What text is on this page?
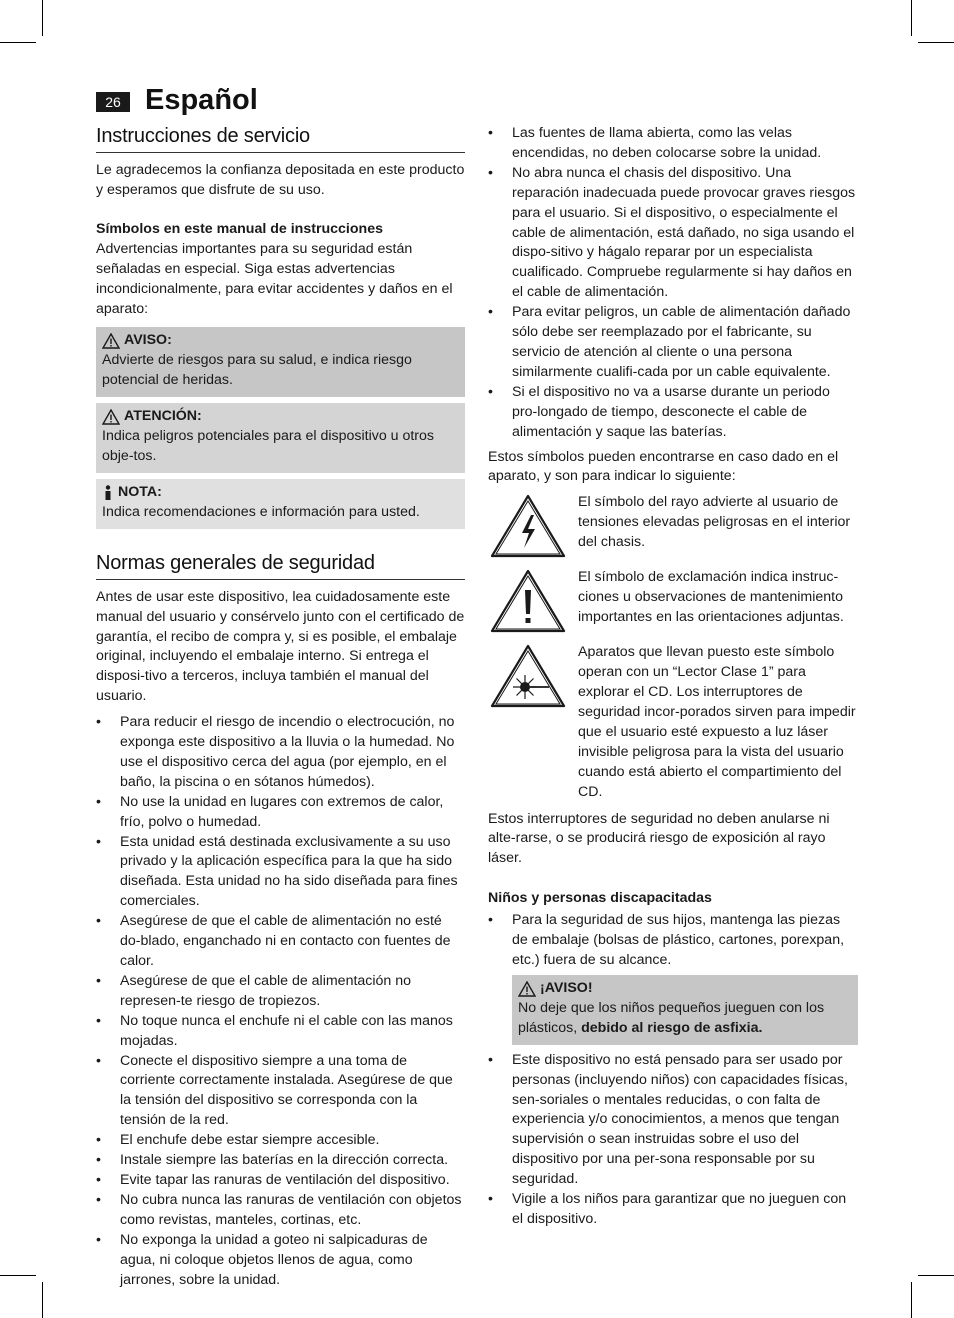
26 Español
Instrucciones de servicio

Le agradecemos la confianza depositada en este producto y esperamos que disfrute de su uso.

Símbolos en este manual de instrucciones

Advertencias importantes para su seguridad están señaladas en especial. Siga estas advertencias incondicionalmente, para evitar accidentes y daños en el aparato:

AVISO:
Advierte de riesgos para su salud, e indica riesgo potencial de heridas.
ATENCIÓN:
Indica peligros potenciales para el dispositivo u otros obje-tos.
NOTA:
Indica recomendaciones e información para usted.
Normas generales de seguridad

Antes de usar este dispositivo, lea cuidadosamente este manual del usuario y consérvelo junto con el certificado de garantía, el recibo de compra y, si es posible, el embalaje original, incluyendo el embalaje interno. Si entrega el disposi-tivo a terceros, incluya también el manual del usuario.

• Para reducir el riesgo de incendio o electrocución, no exponga este dispositivo a la lluvia o la humedad. No use el dispositivo cerca del agua (por ejemplo, en el baño, la piscina o en sótanos húmedos).
• No use la unidad en lugares con extremos de calor, frío, polvo o humedad.
• Esta unidad está destinada exclusivamente a su uso privado y la aplicación específica para la que ha sido diseñada. Esta unidad no ha sido diseñada para fines comerciales.
• Asegúrese de que el cable de alimentación no esté do-blado, enganchado ni en contacto con fuentes de calor.
• Asegúrese de que el cable de alimentación no represen-te riesgo de tropiezos.
• No toque nunca el enchufe ni el cable con las manos mojadas.
• Conecte el dispositivo siempre a una toma de corriente correctamente instalada. Asegúrese de que la tensión del dispositivo se corresponda con la tensión de la red.
• El enchufe debe estar siempre accesible.
• Instale siempre las baterías en la dirección correcta.
• Evite tapar las ranuras de ventilación del dispositivo.
• No cubra nunca las ranuras de ventilación con objetos como revistas, manteles, cortinas, etc.
• No exponga la unidad a goteo ni salpicaduras de agua, ni coloque objetos llenos de agua, como jarrones, sobre la unidad.
• Las fuentes de llama abierta, como las velas encendidas, no deben colocarse sobre la unidad.
• No abra nunca el chasis del dispositivo. Una reparación inadecuada puede provocar graves riesgos para el usuario. Si el dispositivo, o especialmente el cable de alimentación, está dañado, no siga usando el dispo-sitivo y hágalo reparar por un especialista cualificado. Compruebe regularmente si hay daños en el cable de alimentación.
• Para evitar peligros, un cable de alimentación dañado sólo debe ser reemplazado por el fabricante, su servicio de atención al cliente o una persona similarmente cualifi-cada por un cable equivalente.
• Si el dispositivo no va a usarse durante un periodo pro-longado de tiempo, desconecte el cable de alimentación y saque las baterías.

Estos símbolos pueden encontrarse en caso dado en el aparato, y son para indicar lo siguiente:

El símbolo del rayo advierte al usuario de tensiones elevadas peligrosas en el interior del chasis.
El símbolo de exclamación indica instruc-ciones u observaciones de mantenimiento importantes en las orientaciones adjuntas.
Aparatos que llevan puesto este símbolo operan con un “Lector Clase 1” para explorar el CD. Los interruptores de seguridad incor-porados sirven para impedir que el usuario esté expuesto a luz láser invisible peligrosa para la vista del usuario cuando está abierto el compartimiento del CD.

Estos interruptores de seguridad no deben anularse ni alte-rarse, o se producirá riesgo de exposición al rayo láser.

Niños y personas discapacitadas
• Para la seguridad de sus hijos, mantenga las piezas de embalaje (bolsas de plástico, cartones, porexpan, etc.) fuera de su alcance.
¡AVISO!
No deje que los niños pequeños jueguen con los plásticos, debido al riesgo de asfixia.
• Este dispositivo no está pensado para ser usado por personas (incluyendo niños) con capacidades físicas, sen-soriales o mentales reducidas, o con falta de experiencia y/o conocimientos, a menos que tengan supervisión o sean instruidas sobre el uso del dispositivo por una per-sona responsable por su seguridad.
• Vigile a los niños para garantizar que no jueguen con el dispositivo.
